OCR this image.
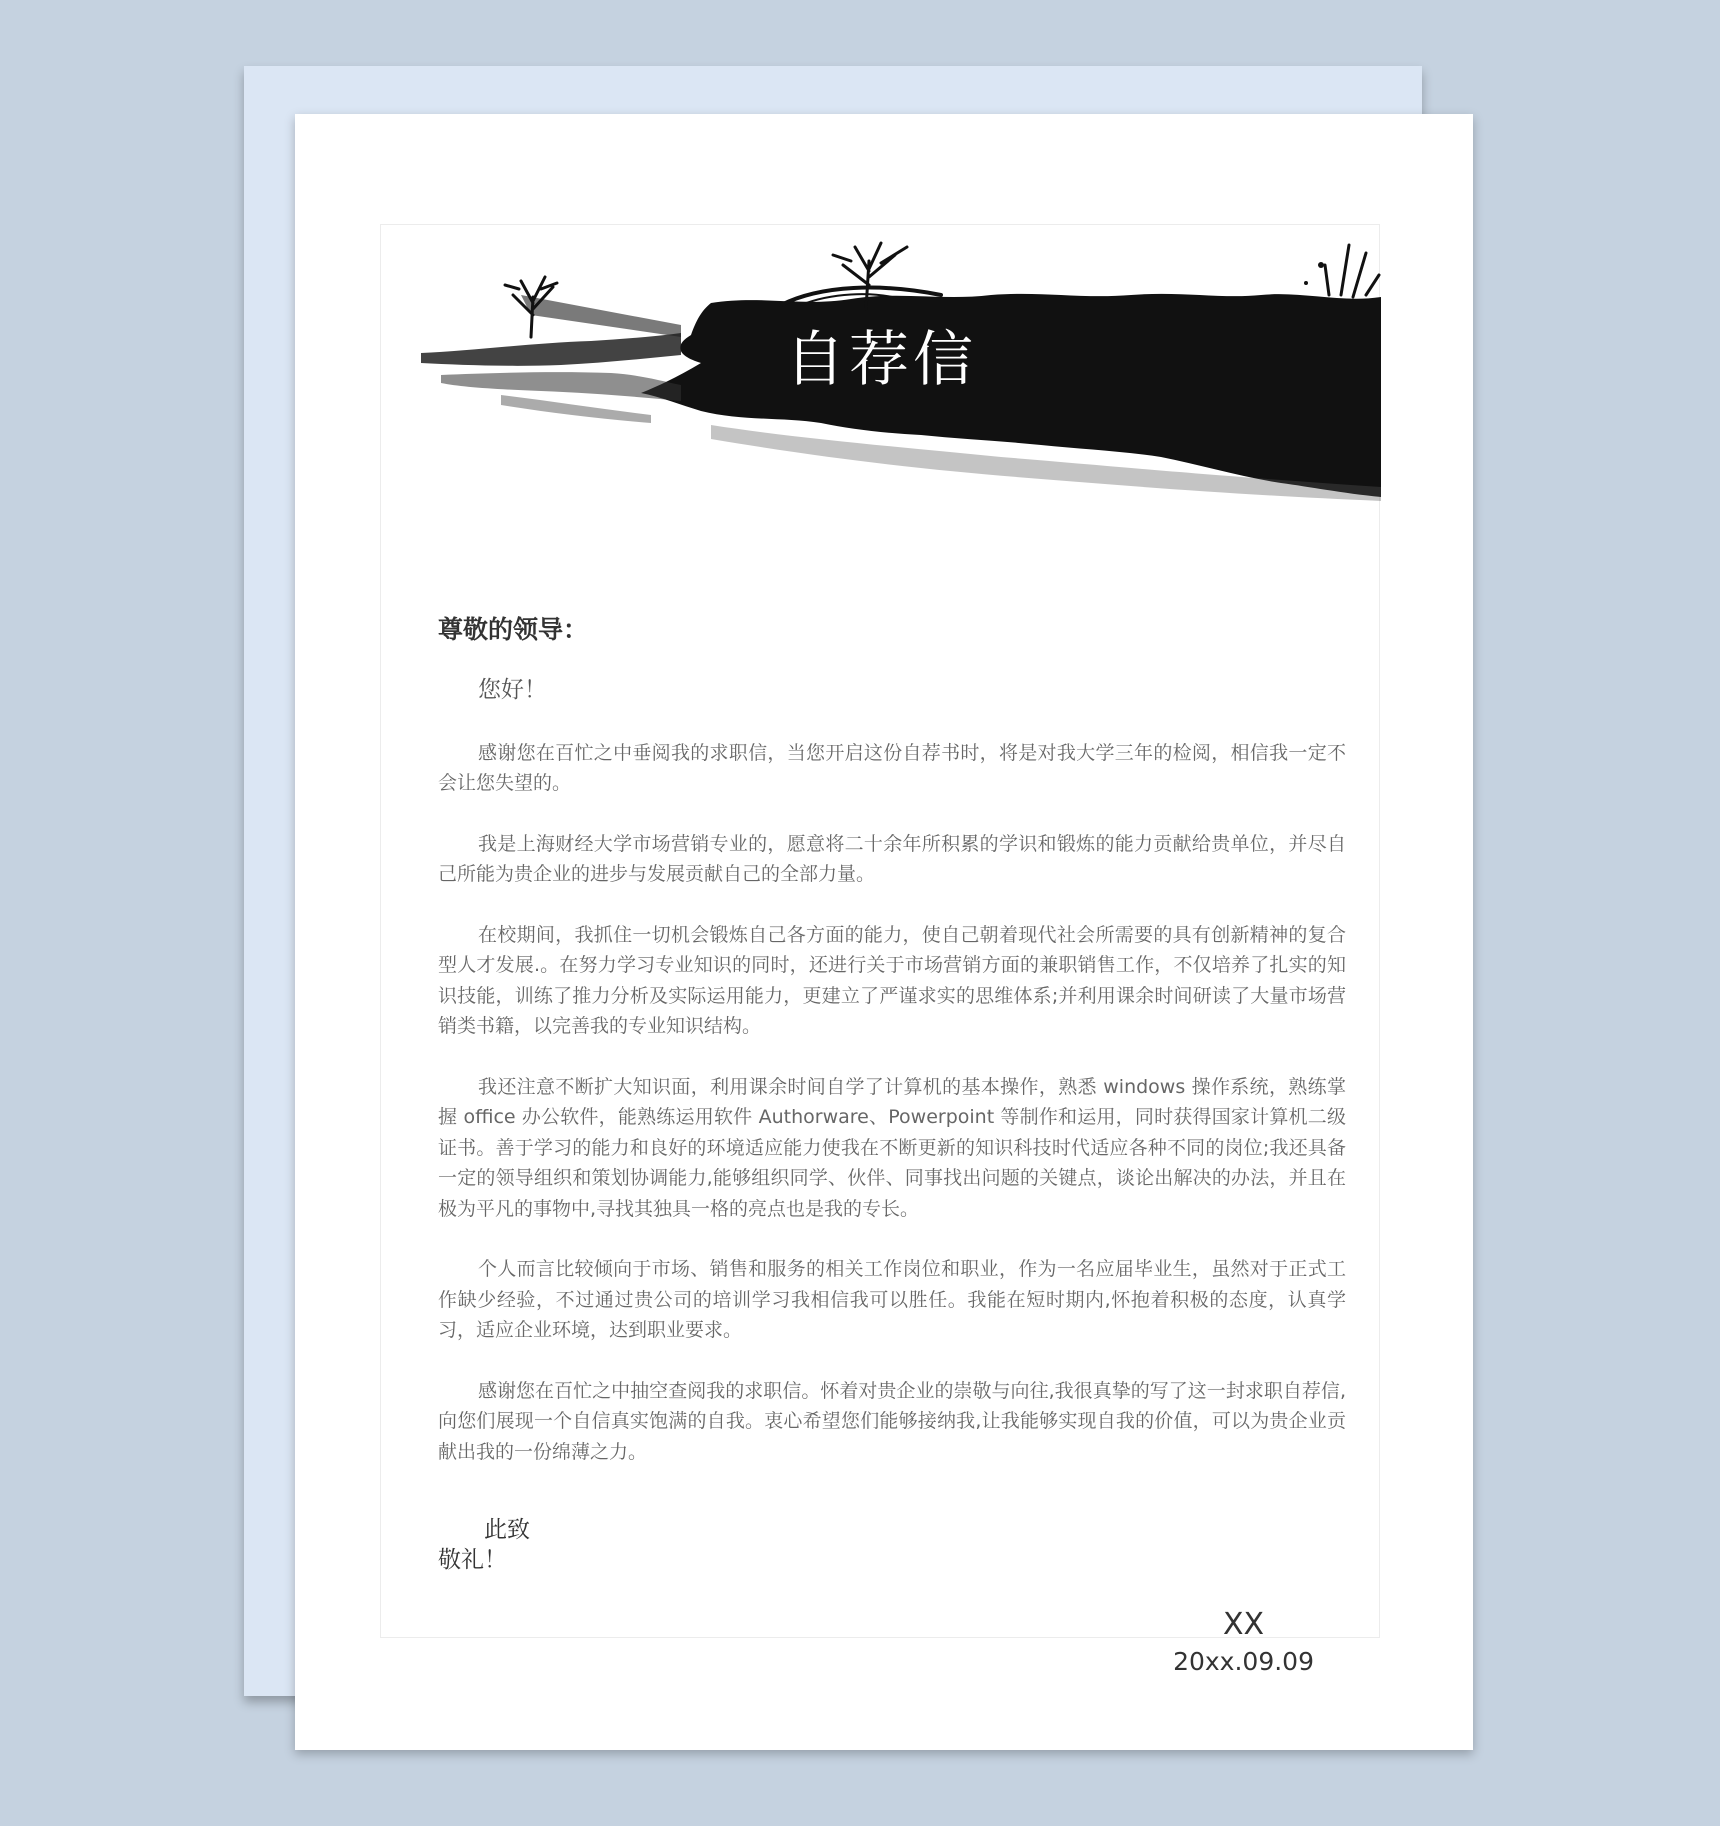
自荐信
尊敬的领导：

您好！

感谢您在百忙之中垂阅我的求职信，当您开启这份自荐书时，将是对我大学三年的检阅，相信我一定不会让您失望的。

我是上海财经大学市场营销专业的，愿意将二十余年所积累的学识和锻炼的能力贡献给贵单位，并尽自己所能为贵企业的进步与发展贡献自己的全部力量。

在校期间，我抓住一切机会锻炼自己各方面的能力，使自己朝着现代社会所需要的具有创新精神的复合型人才发展.。在努力学习专业知识的同时，还进行关于市场营销方面的兼职销售工作，不仅培养了扎实的知识技能，训练了推力分析及实际运用能力，更建立了严谨求实的思维体系;并利用课余时间研读了大量市场营销类书籍，以完善我的专业知识结构。

我还注意不断扩大知识面，利用课余时间自学了计算机的基本操作，熟悉 windows 操作系统，熟练掌握 office 办公软件，能熟练运用软件 Authorware、Powerpoint 等制作和运用，同时获得国家计算机二级证书。善于学习的能力和良好的环境适应能力使我在不断更新的知识科技时代适应各种不同的岗位;我还具备一定的领导组织和策划协调能力,能够组织同学、伙伴、同事找出问题的关键点，谈论出解决的办法，并且在极为平凡的事物中,寻找其独具一格的亮点也是我的专长。

个人而言比较倾向于市场、销售和服务的相关工作岗位和职业，作为一名应届毕业生，虽然对于正式工作缺少经验，不过通过贵公司的培训学习我相信我可以胜任。我能在短时期内,怀抱着积极的态度，认真学习，适应企业环境，达到职业要求。

感谢您在百忙之中抽空查阅我的求职信。怀着对贵企业的崇敬与向往,我很真挚的写了这一封求职自荐信,向您们展现一个自信真实饱满的自我。衷心希望您们能够接纳我,让我能够实现自我的价值，可以为贵企业贡献出我的一份绵薄之力。

此致
敬礼！
XX
20xx.09.09
